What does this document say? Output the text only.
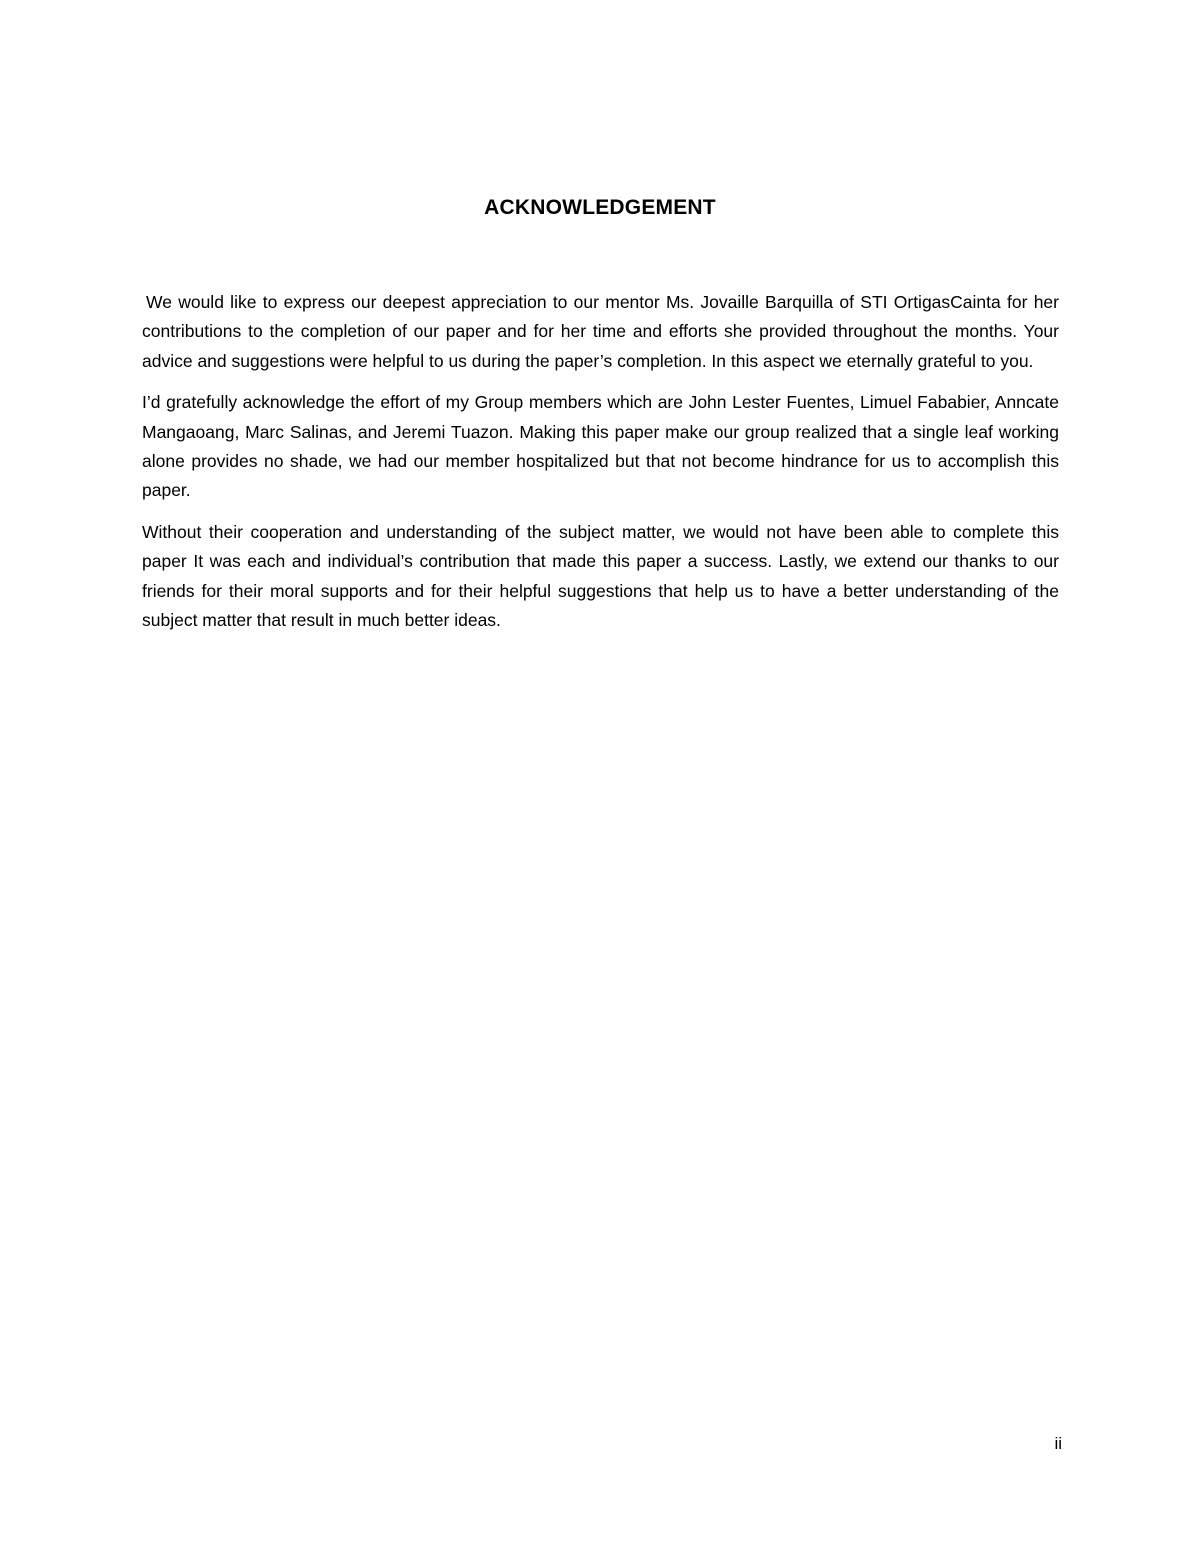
ACKNOWLEDGEMENT

We would like to express our deepest appreciation to our mentor Ms. Jovaille Barquilla of STI OrtigasCainta for her contributions to the completion of our paper and for her time and efforts she provided throughout the months. Your advice and suggestions were helpful to us during the paper’s completion. In this aspect we eternally grateful to you.

I’d gratefully acknowledge the effort of my Group members which are John Lester Fuentes, Limuel Fababier, Anncate Mangaoang, Marc Salinas, and Jeremi Tuazon. Making this paper make our group realized that a single leaf working alone provides no shade, we had our member hospitalized but that not become hindrance for us to accomplish this paper.

Without their cooperation and understanding of the subject matter, we would not have been able to complete this paper It was each and individual’s contribution that made this paper a success. Lastly, we extend our thanks to our friends for their moral supports and for their helpful suggestions that help us to have a better understanding of the subject matter that result in much better ideas.

ii
